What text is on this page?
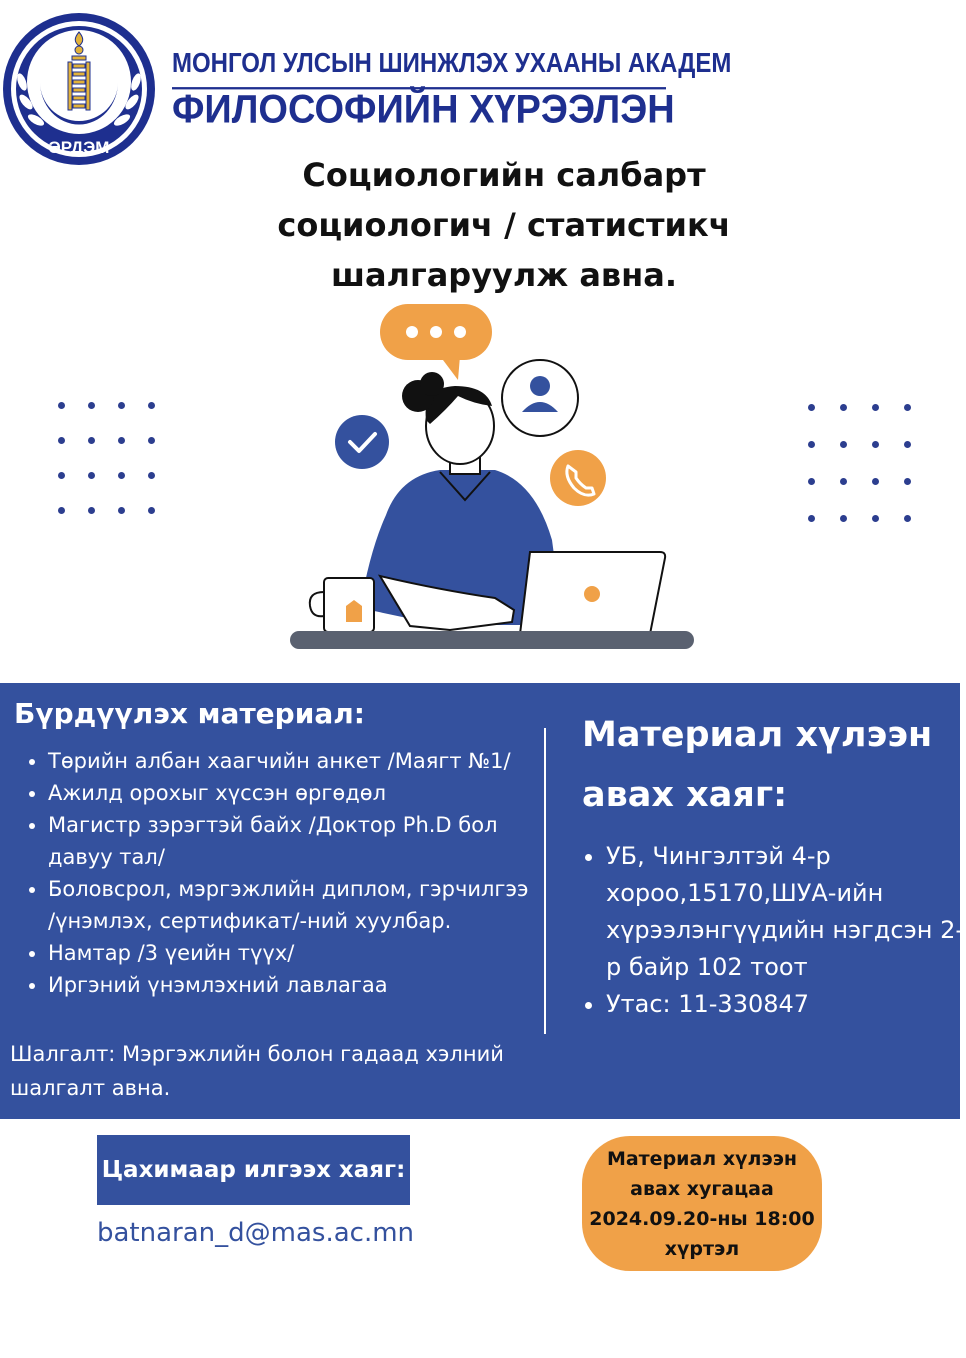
ЭРДЭМ
МОНГОЛ УЛСЫН ШИНЖЛЭХ УХААНЫ АКАДЕМ
ФИЛОСОФИЙН ХҮРЭЭЛЭН
Социологийн салбарт
социологич / статистикч
шалгаруулж авна.
Бүрдүүлэх материал:
• Төрийн албан хаагчийн анкет /Маягт №1/
• Ажилд орохыг хүссэн өргөдөл
• Магистр зэрэгтэй байх /Доктор Ph.D бол давуу тал/
• Боловсрол, мэргэжлийн диплом, гэрчилгээ /үнэмлэх, сертификат/-ний хуулбар.
• Намтар /3 үеийн түүх/
• Иргэний үнэмлэхний лавлагаа
Шалгалт: Мэргэжлийн болон гадаад хэлний шалгалт авна.
Материал хүлээн авах хаяг:
• УБ, Чингэлтэй 4-р хороо,15170,ШУА-ийн хүрээлэнгүүдийн нэгдсэн 2-р байр 102 тоот
• Утас: 11-330847
Цахимаар илгээх хаяг:
batnaran_d@mas.ac.mn
Материал хүлээн
авах хугацаа
2024.09.20-ны 18:00
хүртэл
